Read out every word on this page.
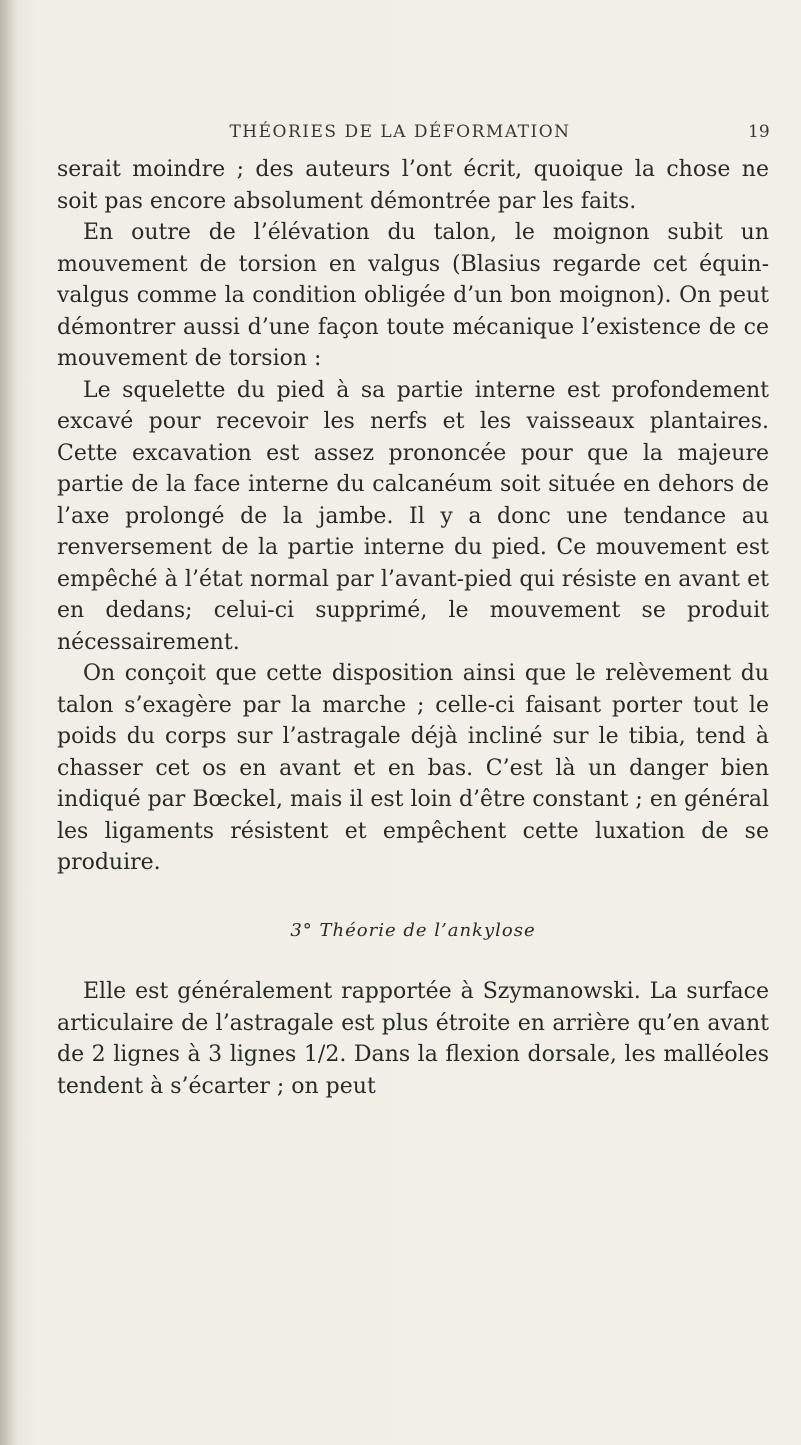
THÉORIES DE LA DÉFORMATION	19

serait moindre ; des auteurs l’ont écrit, quoique la chose ne soit pas encore absolument démontrée par les faits.

En outre de l’élévation du talon, le moignon subit un mouvement de torsion en valgus (Blasius regarde cet équin-valgus comme la condition obligée d’un bon moignon). On peut démontrer aussi d’une façon toute mécanique l’existence de ce mouvement de torsion :

Le squelette du pied à sa partie interne est profondement excavé pour recevoir les nerfs et les vaisseaux plantaires. Cette excavation est assez prononcée pour que la majeure partie de la face interne du calcanéum soit située en dehors de l’axe prolongé de la jambe. Il y a donc une tendance au renversement de la partie interne du pied. Ce mouvement est empêché à l’état normal par l’avant-pied qui résiste en avant et en dedans; celui-ci supprimé, le mouvement se produit nécessairement.

On conçoit que cette disposition ainsi que le relèvement du talon s’exagère par la marche ; celle-ci faisant porter tout le poids du corps sur l’astragale déjà incliné sur le tibia, tend à chasser cet os en avant et en bas. C’est là un danger bien indiqué par Bœckel, mais il est loin d’être constant ; en général les ligaments résistent et empêchent cette luxation de se produire.

3° Théorie de l’ankylose

Elle est généralement rapportée à Szymanowski. La surface articulaire de l’astragale est plus étroite en arrière qu’en avant de 2 lignes à 3 lignes 1/2. Dans la flexion dorsale, les malléoles tendent à s’écarter ; on peut
